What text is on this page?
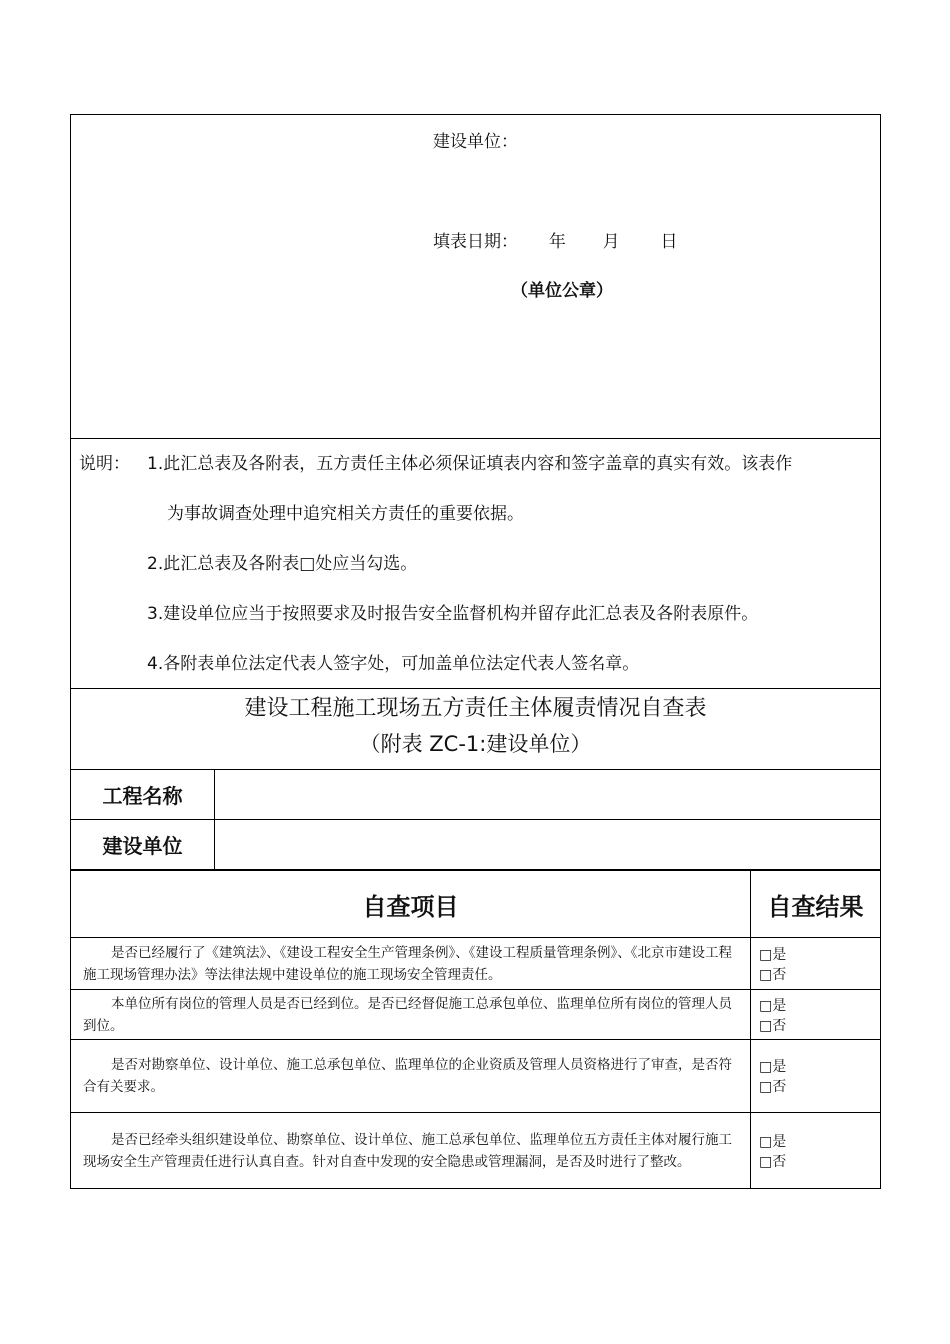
建设单位：
填表日期： 年 月 日
（单位公章）
说明： 1.此汇总表及各附表，五方责任主体必须保证填表内容和签字盖章的真实有效。该表作
为事故调查处理中追究相关方责任的重要依据。
2.此汇总表及各附表□处应当勾选。
3.建设单位应当于按照要求及时报告安全监督机构并留存此汇总表及各附表原件。
4.各附表单位法定代表人签字处，可加盖单位法定代表人签名章。
建设工程施工现场五方责任主体履责情况自查表
（附表 ZC-1:建设单位）
工程名称	
建设单位	
自查项目	自查结果
是否已经履行了《建筑法》、《建设工程安全生产管理条例》、《建设工程质量管理条例》、《北京市建设工程施工现场管理办法》等法律法规中建设单位的施工现场安全管理责任。	□是□否
本单位所有岗位的管理人员是否已经到位。是否已经督促施工总承包单位、监理单位所有岗位的管理人员到位。	□是□否
是否对勘察单位、设计单位、施工总承包单位、监理单位的企业资质及管理人员资格进行了审查，是否符合有关要求。	□是□否
是否已经牵头组织建设单位、勘察单位、设计单位、施工总承包单位、监理单位五方责任主体对履行施工现场安全生产管理责任进行认真自查。针对自查中发现的安全隐患或管理漏洞，是否及时进行了整改。	□是□否
